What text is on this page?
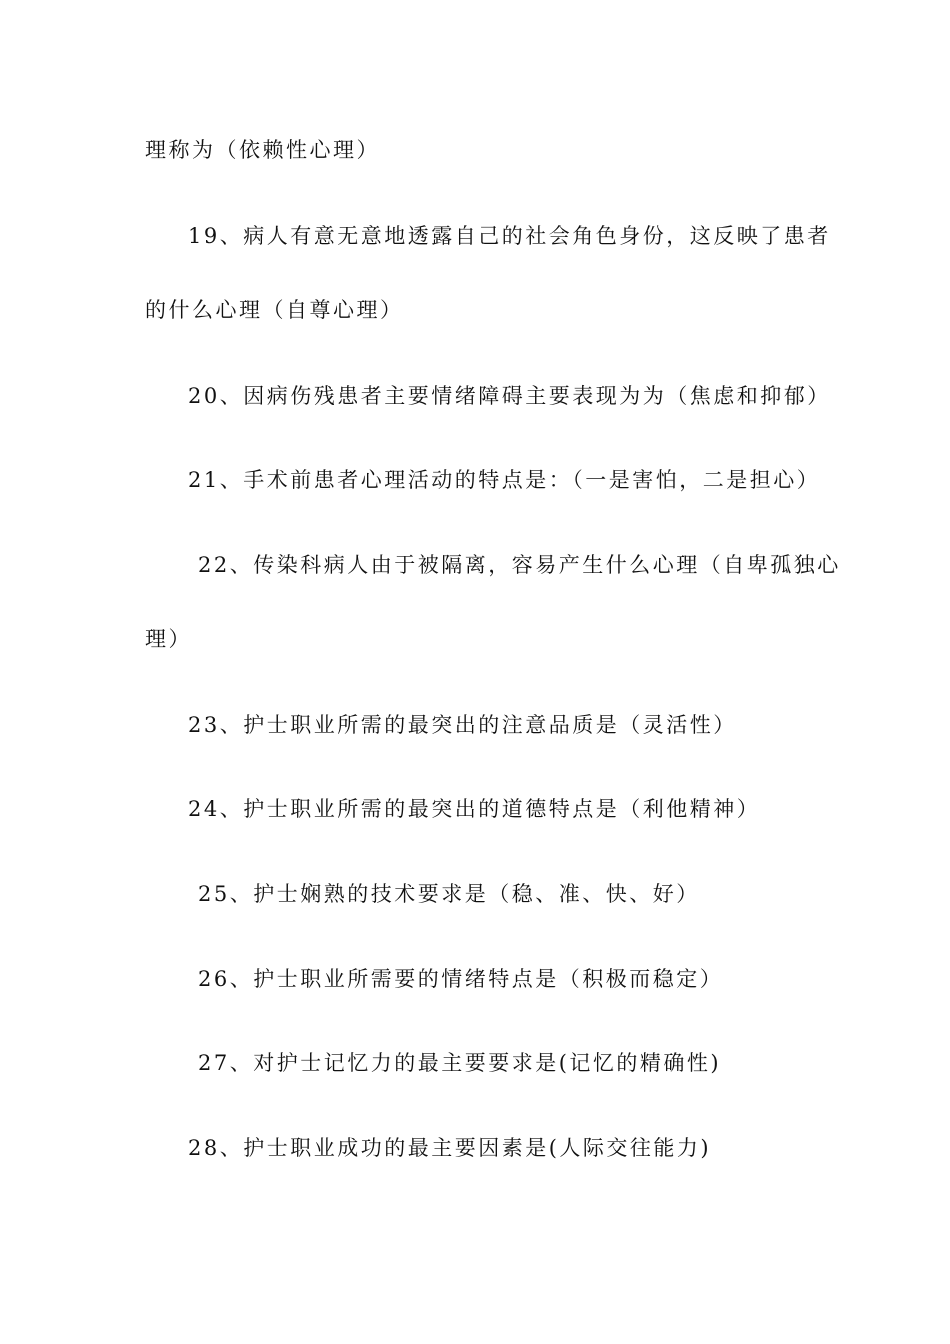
理称为（依赖性心理）
19、病人有意无意地透露自己的社会角色身份，这反映了患者
的什么心理（自尊心理）
20、因病伤残患者主要情绪障碍主要表现为为（焦虑和抑郁）
21、手术前患者心理活动的特点是：（一是害怕，二是担心）
22、传染科病人由于被隔离，容易产生什么心理（自卑孤独心
理）
23、护士职业所需的最突出的注意品质是（灵活性）
24、护士职业所需的最突出的道德特点是（利他精神）
25、护士娴熟的技术要求是（稳、准、快、好）
26、护士职业所需要的情绪特点是（积极而稳定）
27、对护士记忆力的最主要要求是(记忆的精确性)
28、护士职业成功的最主要因素是(人际交往能力)
